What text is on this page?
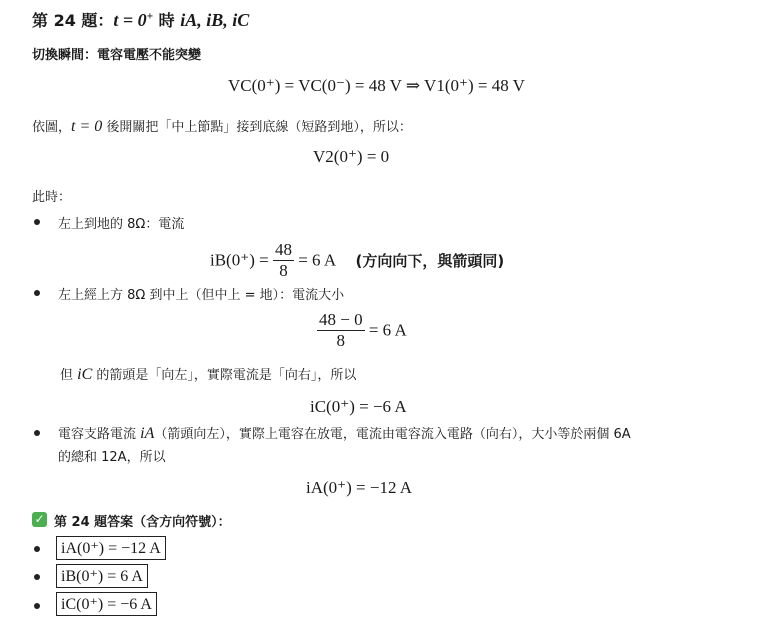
第 24 題：t = 0+ 時 iA, iB, iC
切換瞬間：電容電壓不能突變
VC(0⁺) = VC(0⁻) = 48 V ⇒ V1(0⁺) = 48 V
依圖，t = 0 後開關把「中上節點」接到底線（短路到地），所以：
V2(0⁺) = 0
此時：
左上到地的 8Ω：電流
$iB(0^+) = \frac{48}{8} = 6$ A (方向向下，與箭頭同)
左上經上方 8Ω 到中上（但中上 = 地）：電流大小
$\frac{48 - 0}{8} = 6$ A
但 iC 的箭頭是「向左」，實際電流是「向右」，所以
iC(0⁺) = −6 A
電容支路電流 iA（箭頭向左），實際上電容在放電，電流由電容流入電路（向右），大小等於兩個 6A
的總和 12A，所以
iA(0⁺) = −12 A
✓ 第 24 題答案（含方向符號）：
iA(0⁺) = −12 A
iB(0⁺) = 6 A
iC(0⁺) = −6 A
